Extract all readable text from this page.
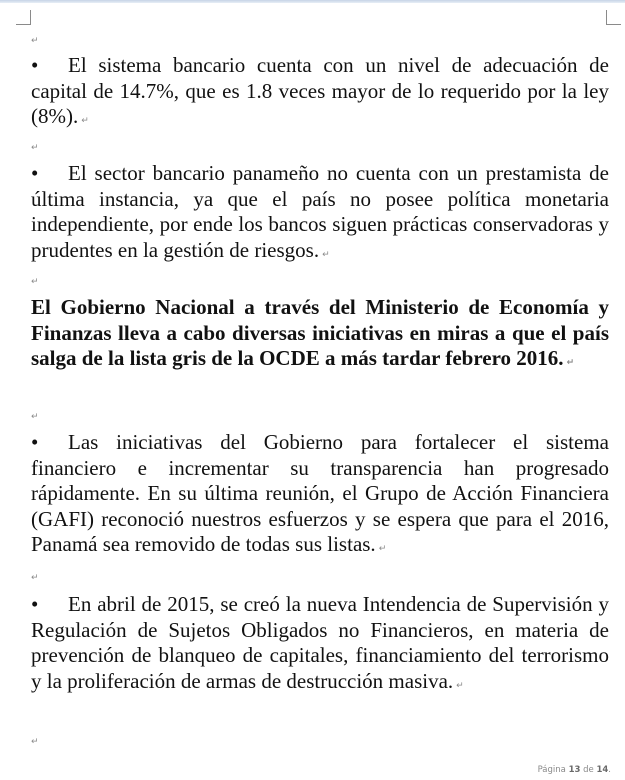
↵

• El sistema bancario cuenta con un nivel de adecuación de capital de 14.7%, que es 1.8 veces mayor de lo requerido por la ley (8%). ↵

↵

• El sector bancario panameño no cuenta con un prestamista de última instancia, ya que el país no posee política monetaria independiente, por ende los bancos siguen prácticas conservadoras y prudentes en la gestión de riesgos. ↵

↵

El Gobierno Nacional a través del Ministerio de Economía y Finanzas lleva a cabo diversas iniciativas en miras a que el país salga de la lista gris de la OCDE a más tardar febrero 2016. ↵

↵

• Las iniciativas del Gobierno para fortalecer el sistema financiero e incrementar su transparencia han progresado rápidamente. En su última reunión, el Grupo de Acción Financiera (GAFI) reconoció nuestros esfuerzos y se espera que para el 2016, Panamá sea removido de todas sus listas. ↵

↵

• En abril de 2015, se creó la nueva Intendencia de Supervisión y Regulación de Sujetos Obligados no Financieros, en materia de prevención de blanqueo de capitales, financiamiento del terrorismo y la proliferación de armas de destrucción masiva. ↵

↵
Página 13 de 14.
